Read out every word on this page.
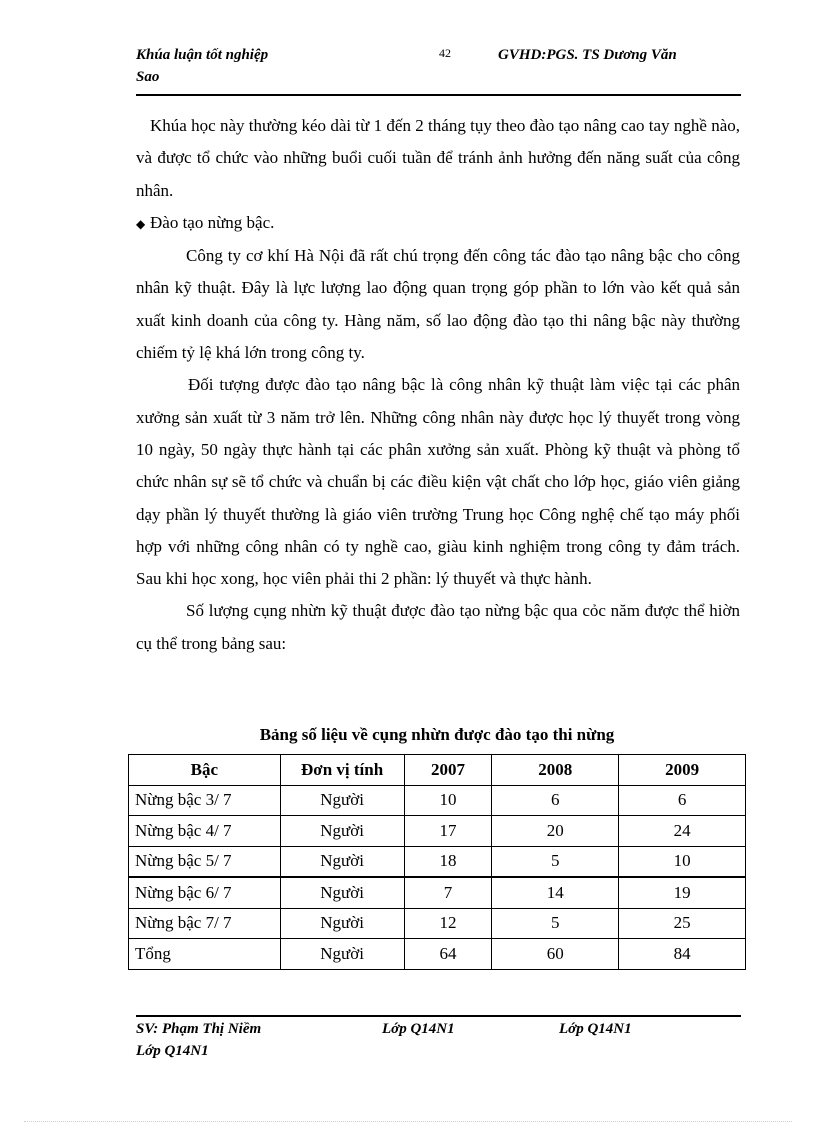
Khúa luận tốt nghiệp
Sao
42	GVHD:PGS. TS Dương Văn

Khúa học này thường kéo dài từ 1 đến 2 tháng tụy theo đào tạo nâng cao tay nghề nào, và được tổ chức vào những buổi cuối tuần để tránh ảnh hưởng đến năng suất của công nhân.

◆ Đào tạo nừng bậc.

Công ty cơ khí Hà Nội đã rất chú trọng đến công tác đào tạo nâng bậc cho công nhân kỹ thuật. Đây là lực lượng lao động quan trọng góp phần to lớn vào kết quả sản xuất kinh doanh của công ty. Hàng năm, số lao động đào tạo thi nâng bậc này thường chiếm tỷ lệ khá lớn trong công ty.

Đối tượng được đào tạo nâng bậc là công nhân kỹ thuật làm việc tại các phân xưởng sản xuất từ 3 năm trở lên. Những công nhân này được học lý thuyết trong vòng 10 ngày, 50 ngày thực hành tại các phân xưởng sản xuất. Phòng kỹ thuật và phòng tổ chức nhân sự sẽ tổ chức và chuẩn bị các điều kiện vật chất cho lớp học, giáo viên giảng dạy phần lý thuyết thường là giáo viên trường Trung học Công nghệ chế tạo máy phối hợp với những công nhân có ty nghề cao, giàu kinh nghiệm trong công ty đảm trách. Sau khi học xong, học viên phải thi 2 phần: lý thuyết và thực hành.

Số lượng cụng nhừn kỹ thuật được đào tạo nừng bậc qua cỏc năm được thể hiờn cụ thể trong bảng sau:

Bảng số liệu về cụng nhừn được đào tạo thi nừng
Bậc	Đơn vị tính	2007	2008	2009
Nừng bậc 3/ 7	Người	10	6	6
Nừng bậc 4/ 7	Người	17	20	24
Nừng bậc 5/ 7	Người	18	5	10
Nừng bậc 6/ 7	Người	7	14	19
Nừng bậc 7/ 7	Người	12	5	25
Tổng	Người	64	60	84
SV: Phạm Thị Niềm	Lớp Q14N1	Lớp Q14N1
Lớp Q14N1
